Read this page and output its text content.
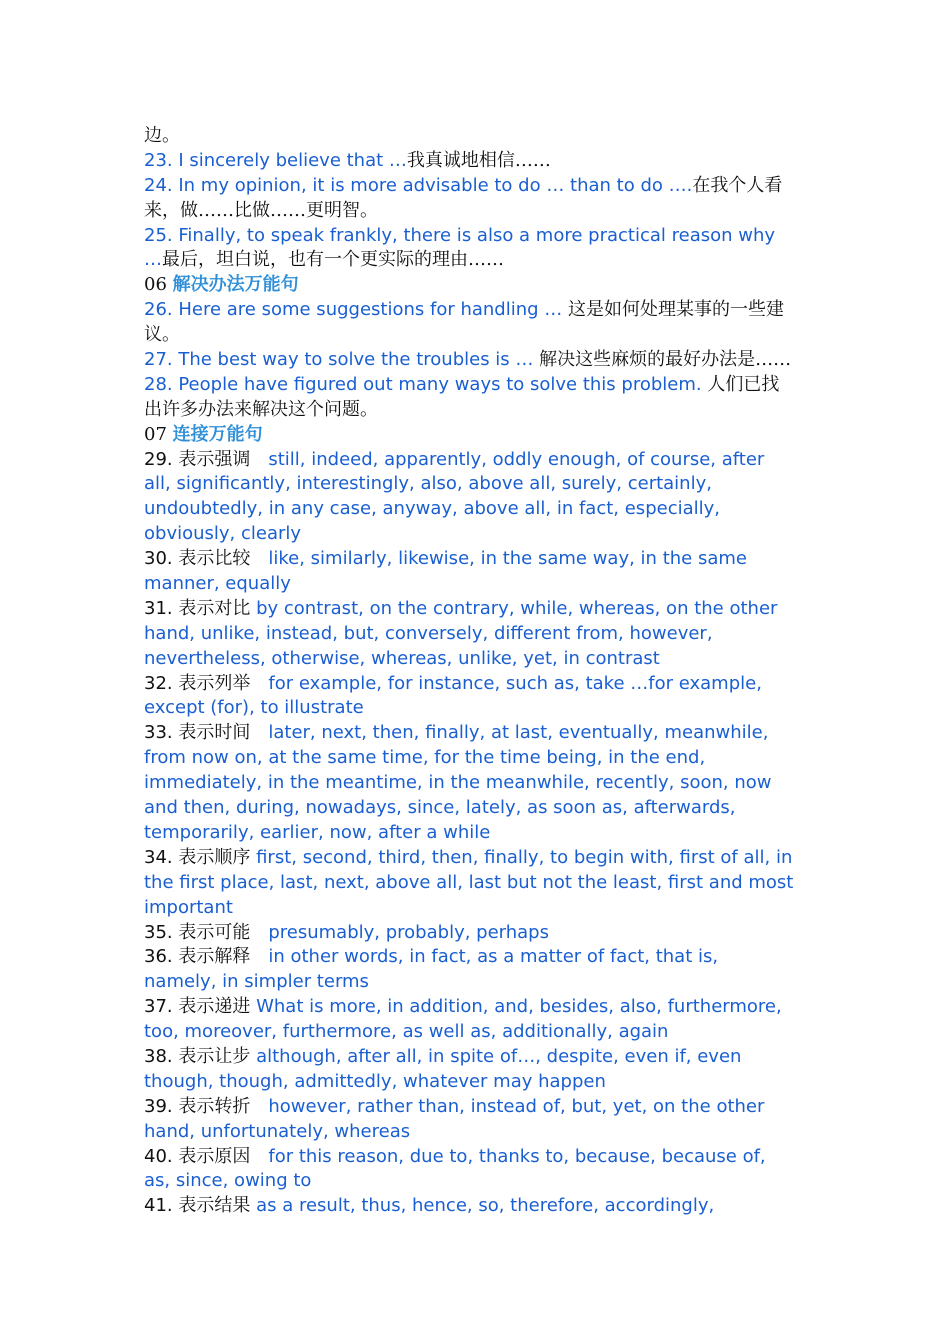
边。
23. I sincerely believe that …我真诚地相信……
24. In my opinion, it is more advisable to do … than to do ….在我个人看
来，做……比做……更明智。
25. Finally, to speak frankly, there is also a more practical reason why
…最后，坦白说，也有一个更实际的理由……
06 解决办法万能句
26. Here are some suggestions for handling … 这是如何处理某事的一些建
议。
27. The best way to solve the troubles is … 解决这些麻烦的最好办法是……
28. People have figured out many ways to solve this problem. 人们已找
出许多办法来解决这个问题。
07 连接万能句
29. 表示强调 still, indeed, apparently, oddly enough, of course, after
all, significantly, interestingly, also, above all, surely, certainly,
undoubtedly, in any case, anyway, above all, in fact, especially,
obviously, clearly
30. 表示比较 like, similarly, likewise, in the same way, in the same
manner, equally
31. 表示对比 by contrast, on the contrary, while, whereas, on the other
hand, unlike, instead, but, conversely, different from, however,
nevertheless, otherwise, whereas, unlike, yet, in contrast
32. 表示列举 for example, for instance, such as, take …for example,
except (for), to illustrate
33. 表示时间 later, next, then, finally, at last, eventually, meanwhile,
from now on, at the same time, for the time being, in the end,
immediately, in the meantime, in the meanwhile, recently, soon, now
and then, during, nowadays, since, lately, as soon as, afterwards,
temporarily, earlier, now, after a while
34. 表示顺序 first, second, third, then, finally, to begin with, first of all, in
the first place, last, next, above all, last but not the least, first and most
important
35. 表示可能 presumably, probably, perhaps
36. 表示解释 in other words, in fact, as a matter of fact, that is,
namely, in simpler terms
37. 表示递进 What is more, in addition, and, besides, also, furthermore,
too, moreover, furthermore, as well as, additionally, again
38. 表示让步 although, after all, in spite of…, despite, even if, even
though, though, admittedly, whatever may happen
39. 表示转折 however, rather than, instead of, but, yet, on the other
hand, unfortunately, whereas
40. 表示原因 for this reason, due to, thanks to, because, because of,
as, since, owing to
41. 表示结果 as a result, thus, hence, so, therefore, accordingly,
